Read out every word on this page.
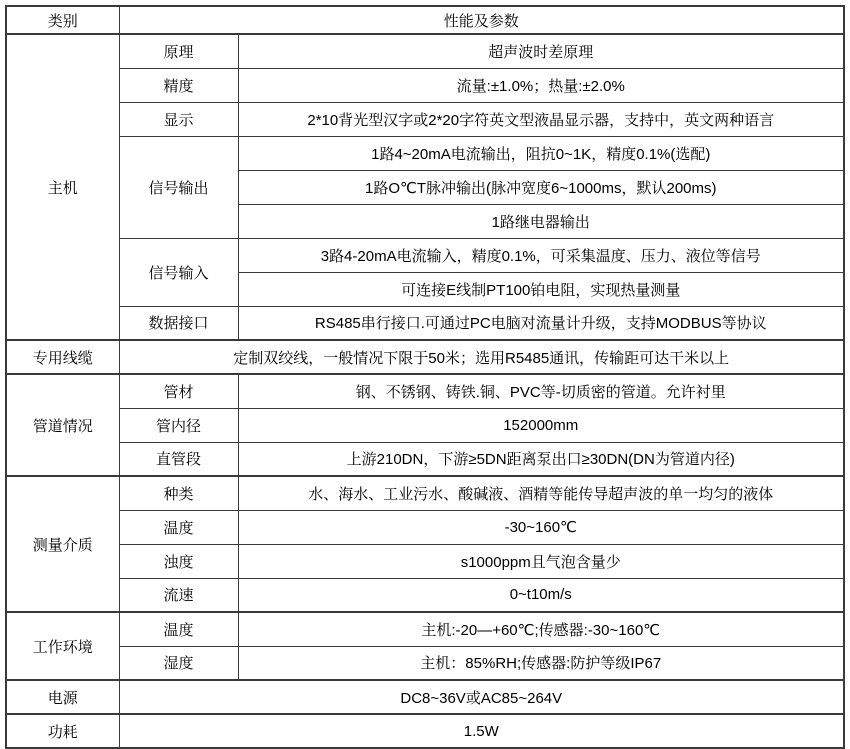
类别	性能及参数	
主机	原理	超声波时差原理
	精度	流量:±1.0%；热量:±2.0%
	显示	2*10背光型汉字或2*20字符英文型液晶显示器，支持中，英文两种语言
	信号输出	1路4~20mA电流输出，阻抗0~1K，精度0.1%(选配)
		1路O℃T脉冲输出(脉冲宽度6~1000ms，默认200ms)
		1路继电器输出
	信号输入	3路4-20mA电流输入，精度0.1%，可采集温度、压力、液位等信号
		可连接E线制PT100铂电阻，实现热量测量
	数据接口	RS485串行接口.可通过PC电脑对流量计升级，支持MODBUS等协议
专用线缆	定制双绞线，一般情况下限于50米；选用R5485通讯，传输距可达干米以上	
管道情况	管材	钢、不锈钢、铸铁.铜、PVC等-切质密的管道。允许衬里
	管内径	152000mm
	直管段	上游210DN，下游≥5DN距离泵出口≥30DN(DN为管道内径)
测量介质	种类	水、海水、工业污水、酸碱液、酒精等能传导超声波的单一均匀的液体
	温度	-30~160℃
	浊度	s1000ppm且气泡含量少
	流速	0~t10m/s
工作环境	温度	主机:-20—+60℃;传感器:-30~160℃
	湿度	主机：85%RH;传感器:防护等级IP67
电源	DC8~36V或AC85~264V	
功耗	1.5W	
